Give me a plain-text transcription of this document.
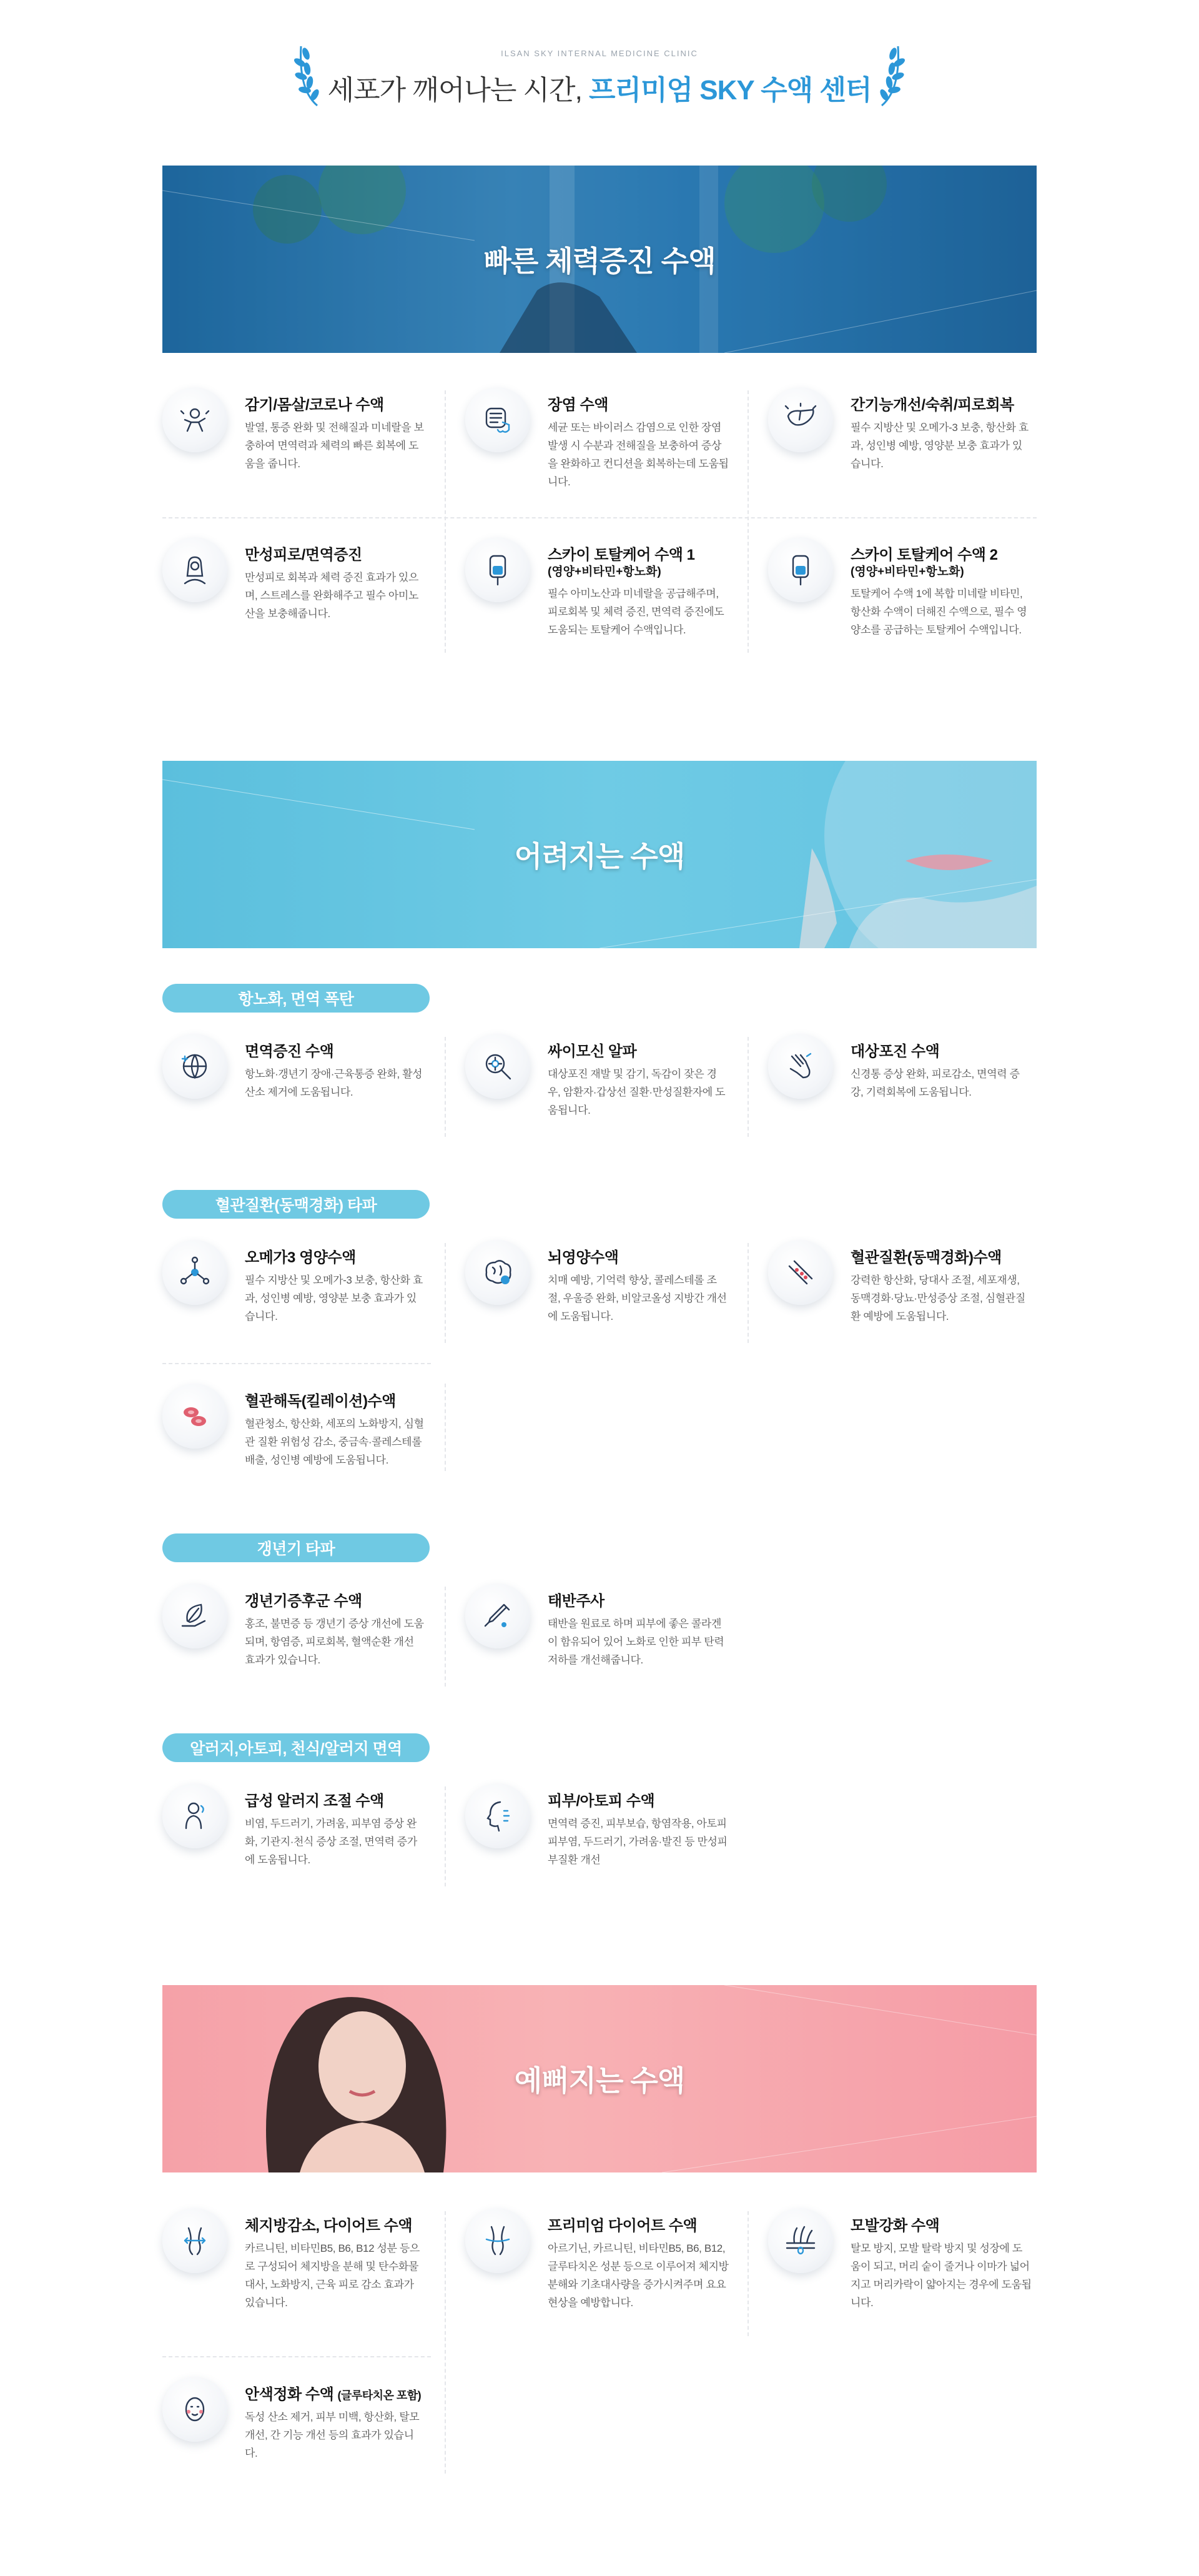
ILSAN SKY INTERNAL MEDICINE CLINIC
세포가 깨어나는 시간, 프리미엄 SKY 수액 센터
빠른 체력증진 수액
감기/몸살/코로나 수액
발열, 통증 완화 및 전해질과 미네랄을 보충하여 면역력과 체력의 빠른 회복에 도움을 줍니다.
장염 수액
세균 또는 바이러스 감염으로 인한 장염 발생 시 수분과 전해질을 보충하여 증상을 완화하고 컨디션을 회복하는데 도움됩니다.
간기능개선/숙취/피로회복
필수 지방산 및 오메가-3 보충, 항산화 효과, 성인병 예방, 영양분 보충 효과가 있습니다.
만성피로/면역증진
만성피로 회복과 체력 증진 효과가 있으며, 스트레스를 완화해주고 필수 아미노산을 보충해줍니다.
스카이 토탈케어 수액 1
(영양+비타민+항노화)
필수 아미노산과 미네랄을 공급해주며, 피로회복 및 체력 증진, 면역력 증진에도 도움되는 토탈케어 수액입니다.
스카이 토탈케어 수액 2
(영양+비타민+항노화)
토탈케어 수액 1에 복합 미네랄 비타민, 항산화 수액이 더해진 수액으로, 필수 영양소를 공급하는 토탈케어 수액입니다.
어려지는 수액
항노화, 면역 폭탄
면역증진 수액
항노화·갱년기 장애·근육통증 완화, 활성산소 제거에 도움됩니다.
싸이모신 알파
대상포진 재발 및 감기, 독감이 잦은 경우, 암환자·갑상선 질환·만성질환자에 도움됩니다.
대상포진 수액
신경통 증상 완화, 피로감소, 면역력 증강, 기력회복에 도움됩니다.
혈관질환(동맥경화) 타파
오메가3 영양수액
필수 지방산 및 오메가-3 보충, 항산화 효과, 성인병 예방, 영양분 보충 효과가 있습니다.
뇌영양수액
치매 예방, 기억력 향상, 콜레스테롤 조절, 우울증 완화, 비알코올성 지방간 개선에 도움됩니다.
혈관질환(동맥경화)수액
강력한 항산화, 당대사 조절, 세포재생, 동맥경화·당뇨·만성증상 조절, 심혈관질환 예방에 도움됩니다.
혈관해독(킬레이션)수액
혈관청소, 항산화, 세포의 노화방지, 심혈관 질환 위험성 감소, 중금속·콜레스테롤 배출, 성인병 예방에 도움됩니다.
갱년기 타파
갱년기증후군 수액
홍조, 불면증 등 갱년기 증상 개선에 도움되며, 항염증, 피로회복, 혈액순환 개선 효과가 있습니다.
태반주사
태반을 원료로 하며 피부에 좋은 콜라겐이 함유되어 있어 노화로 인한 피부 탄력 저하를 개선해줍니다.
알러지,아토피, 천식/알러지 면역
급성 알러지 조절 수액
비염, 두드러기, 가려움, 피부염 증상 완화, 기관지·천식 증상 조절, 면역력 증가에 도움됩니다.
피부/아토피 수액
면역력 증진, 피부보습, 항염작용, 아토피 피부염, 두드러기, 가려움·발진 등 만성피부질환 개선
예뻐지는 수액
체지방감소, 다이어트 수액
카르니틴, 비타민B5, B6, B12 성분 등으로 구성되어 체지방을 분해 및 탄수화물 대사, 노화방지, 근육 피로 감소 효과가 있습니다.
프리미엄 다이어트 수액
아르기닌, 카르니틴, 비타민B5, B6, B12, 글루타치온 성분 등으로 이루어져 체지방 분해와 기초대사량을 증가시켜주며 요요현상을 예방합니다.
모발강화 수액
탈모 방지, 모발 탈락 방지 및 성장에 도움이 되고, 머리 숱이 줄거나 이마가 넓어지고 머리카락이 얇아지는 경우에 도움됩니다.
안색정화 수액 (글루타치온 포함)
독성 산소 제거, 피부 미백, 항산화, 탈모 개선, 간 기능 개선 등의 효과가 있습니다.
